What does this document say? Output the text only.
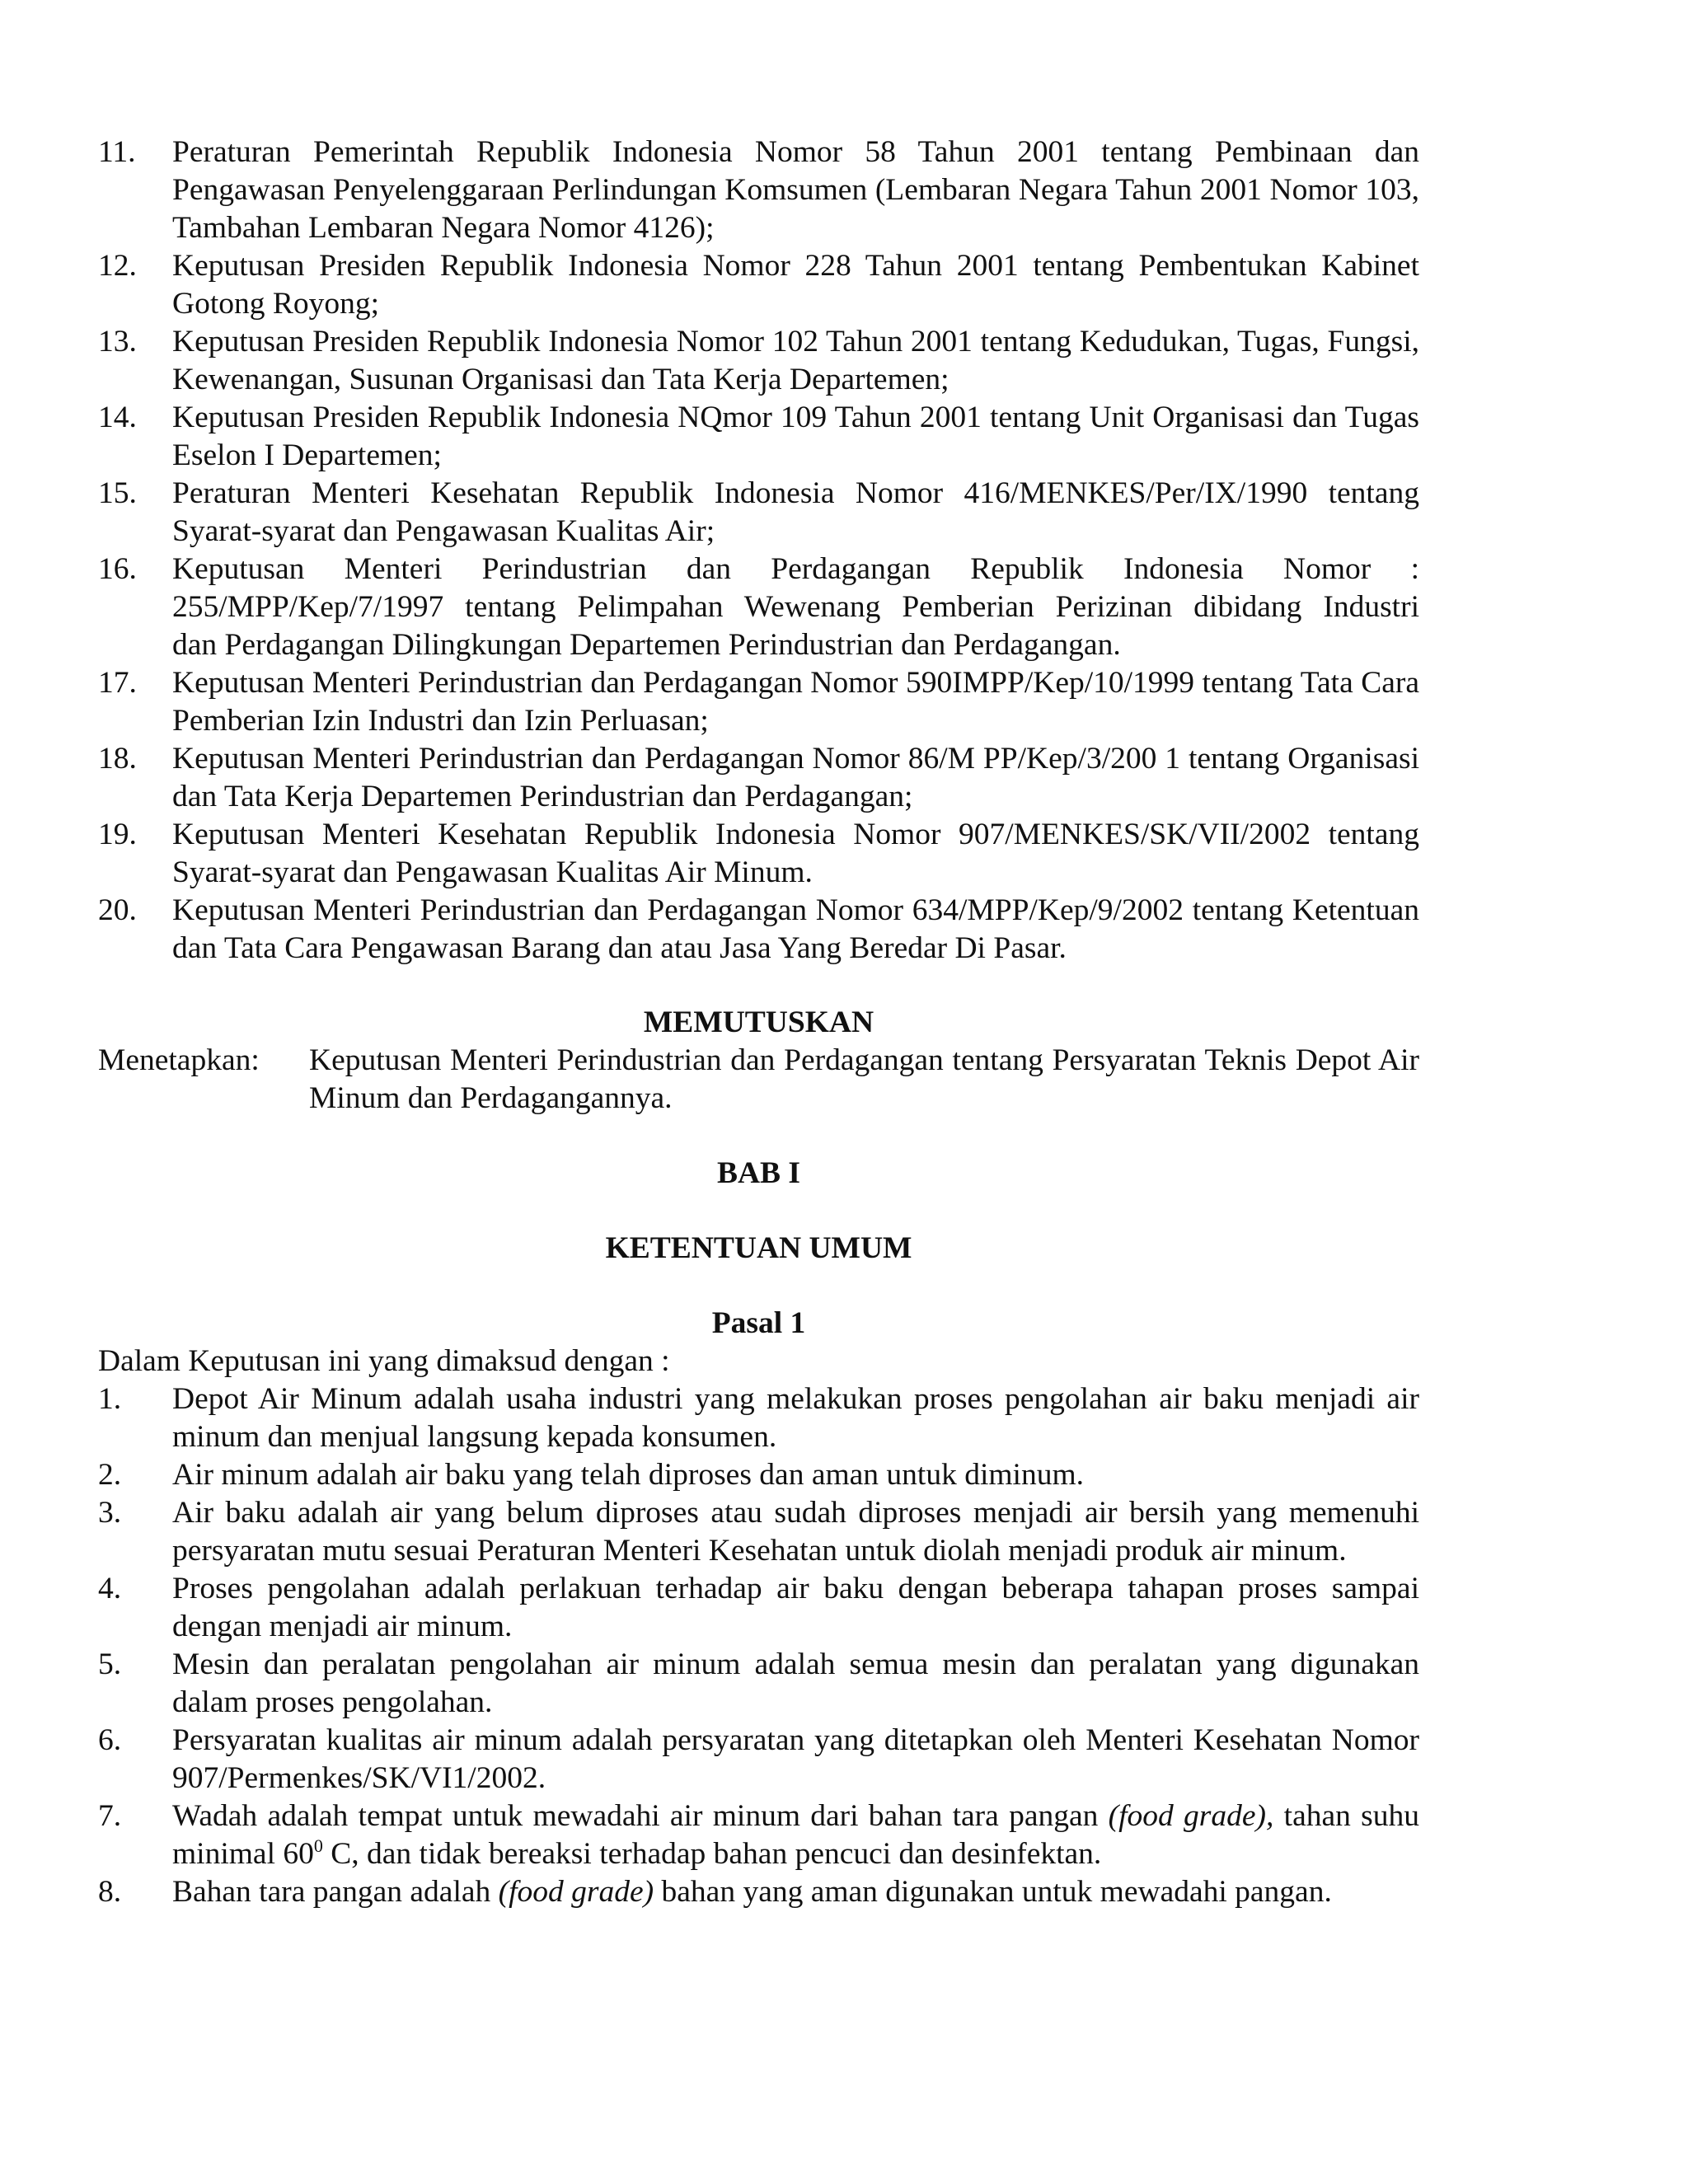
11.	Peraturan Pemerintah Republik Indonesia Nomor 58 Tahun 2001 tentang Pembinaan dan Pengawasan Penyelenggaraan Perlindungan Komsumen (Lembaran Negara Tahun 2001 Nomor 103, Tambahan Lembaran Negara Nomor 4126);
12.	Keputusan Presiden Republik Indonesia Nomor 228 Tahun 2001 tentang Pembentukan Kabinet Gotong Royong;
13.	Keputusan Presiden Republik Indonesia Nomor 102 Tahun 2001 tentang Kedudukan, Tugas, Fungsi, Kewenangan, Susunan Organisasi dan Tata Kerja Departemen;
14.	Keputusan Presiden Republik Indonesia NQmor 109 Tahun 2001 tentang Unit Organisasi dan Tugas Eselon I Departemen;
15.	Peraturan Menteri Kesehatan Republik Indonesia Nomor 416/MENKES/Per/IX/1990 tentang Syarat-syarat dan Pengawasan Kualitas Air;
16.	Keputusan Menteri Perindustrian dan Perdagangan Republik Indonesia Nomor :
255/MPP/Kep/7/1997 tentang Pelimpahan Wewenang Pemberian Perizinan dibidang Industri
dan Perdagangan Dilingkungan Departemen Perindustrian dan Perdagangan.
17.	Keputusan Menteri Perindustrian dan Perdagangan Nomor 590IMPP/Kep/10/1999 tentang Tata Cara Pemberian Izin Industri dan Izin Perluasan;
18.	Keputusan Menteri Perindustrian dan Perdagangan Nomor 86/M PP/Kep/3/200 1 tentang Organisasi dan Tata Kerja Departemen Perindustrian dan Perdagangan;
19.	Keputusan Menteri Kesehatan Republik Indonesia Nomor 907/MENKES/SK/VII/2002 tentang Syarat-syarat dan Pengawasan Kualitas Air Minum.
20.	Keputusan Menteri Perindustrian dan Perdagangan Nomor 634/MPP/Kep/9/2002 tentang Ketentuan dan Tata Cara Pengawasan Barang dan atau Jasa Yang Beredar Di Pasar.
MEMUTUSKAN
Menetapkan:	Keputusan Menteri Perindustrian dan Perdagangan tentang Persyaratan Teknis Depot Air Minum dan Perdagangannya.
BAB I
KETENTUAN UMUM
Pasal 1
Dalam Keputusan ini yang dimaksud dengan :
1.	Depot Air Minum adalah usaha industri yang melakukan proses pengolahan air baku menjadi air minum dan menjual langsung kepada konsumen.
2.	Air minum adalah air baku yang telah diproses dan aman untuk diminum.
3.	Air baku adalah air yang belum diproses atau sudah diproses menjadi air bersih yang memenuhi persyaratan mutu sesuai Peraturan Menteri Kesehatan untuk diolah menjadi produk air minum.
4.	Proses pengolahan adalah perlakuan terhadap air baku dengan beberapa tahapan proses sampai dengan menjadi air minum.
5.	Mesin dan peralatan pengolahan air minum adalah semua mesin dan peralatan yang digunakan dalam proses pengolahan.
6.	Persyaratan kualitas air minum adalah persyaratan yang ditetapkan oleh Menteri Kesehatan Nomor 907/Permenkes/SK/VI1/2002.
7.	Wadah adalah tempat untuk mewadahi air minum dari bahan tara pangan (food grade), tahan suhu minimal $60^0$ C, dan tidak bereaksi terhadap bahan pencuci dan desinfektan.
8.	Bahan tara pangan adalah (food grade) bahan yang aman digunakan untuk mewadahi pangan.
